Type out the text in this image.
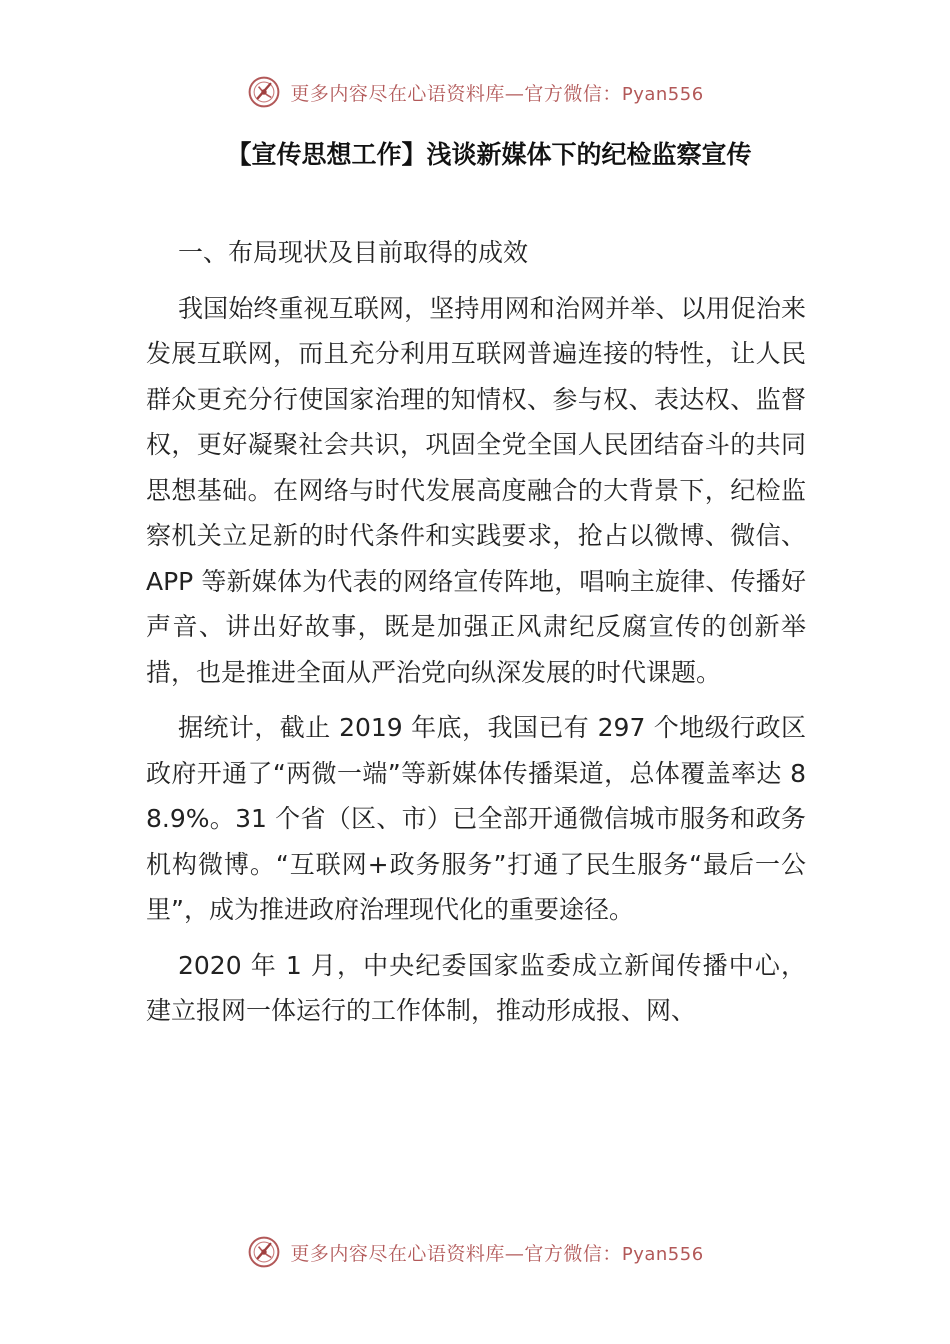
更多内容尽在心语资料库—官方微信：Pyan556
【宣传思想工作】浅谈新媒体下的纪检监察宣传

一、布局现状及目前取得的成效

我国始终重视互联网，坚持用网和治网并举、以用促治来发展互联网，而且充分利用互联网普遍连接的特性，让人民群众更充分行使国家治理的知情权、参与权、表达权、监督权，更好凝聚社会共识，巩固全党全国人民团结奋斗的共同思想基础。在网络与时代发展高度融合的大背景下，纪检监察机关立足新的时代条件和实践要求，抢占以微博、微信、APP 等新媒体为代表的网络宣传阵地，唱响主旋律、传播好声音、讲出好故事，既是加强正风肃纪反腐宣传的创新举措，也是推进全面从严治党向纵深发展的时代课题。

据统计，截止 2019 年底，我国已有 297 个地级行政区政府开通了“两微一端”等新媒体传播渠道，总体覆盖率达 88.9%。31 个省（区、市）已全部开通微信城市服务和政务机构微博。“互联网+政务服务”打通了民生服务“最后一公里”，成为推进政府治理现代化的重要途径。

2020 年 1 月，中央纪委国家监委成立新闻传播中心，建立报网一体运行的工作体制，推动形成报、网、

更多内容尽在心语资料库—官方微信：Pyan556
